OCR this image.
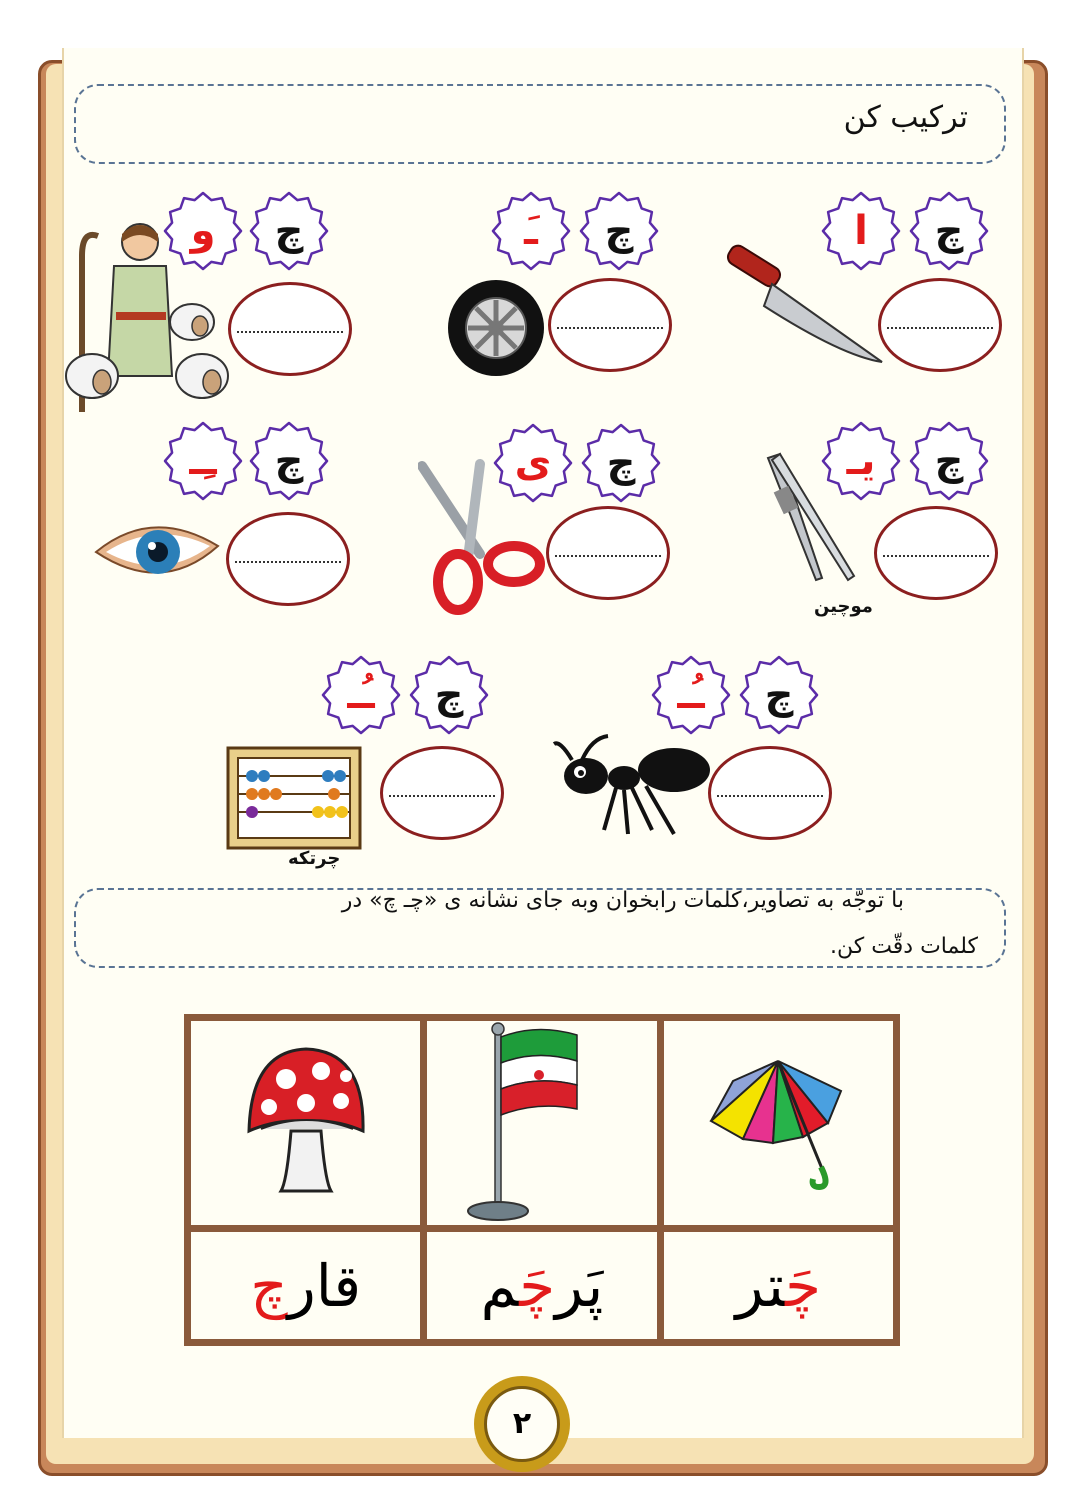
ترکیب کن
چ
ا
چ
َـ
چ
و
چ
یـ
موچین
چ
ی
چ
ـِـ
چ
ـُـ
چ
ـُـ
چرتکه
با توجّه به تصاویر،کلمات رابخوان وبه جای نشانه ی «چـ چ» در
کلمات دقّت کن.

قارچ	پَرچَم	چَتر
۲
